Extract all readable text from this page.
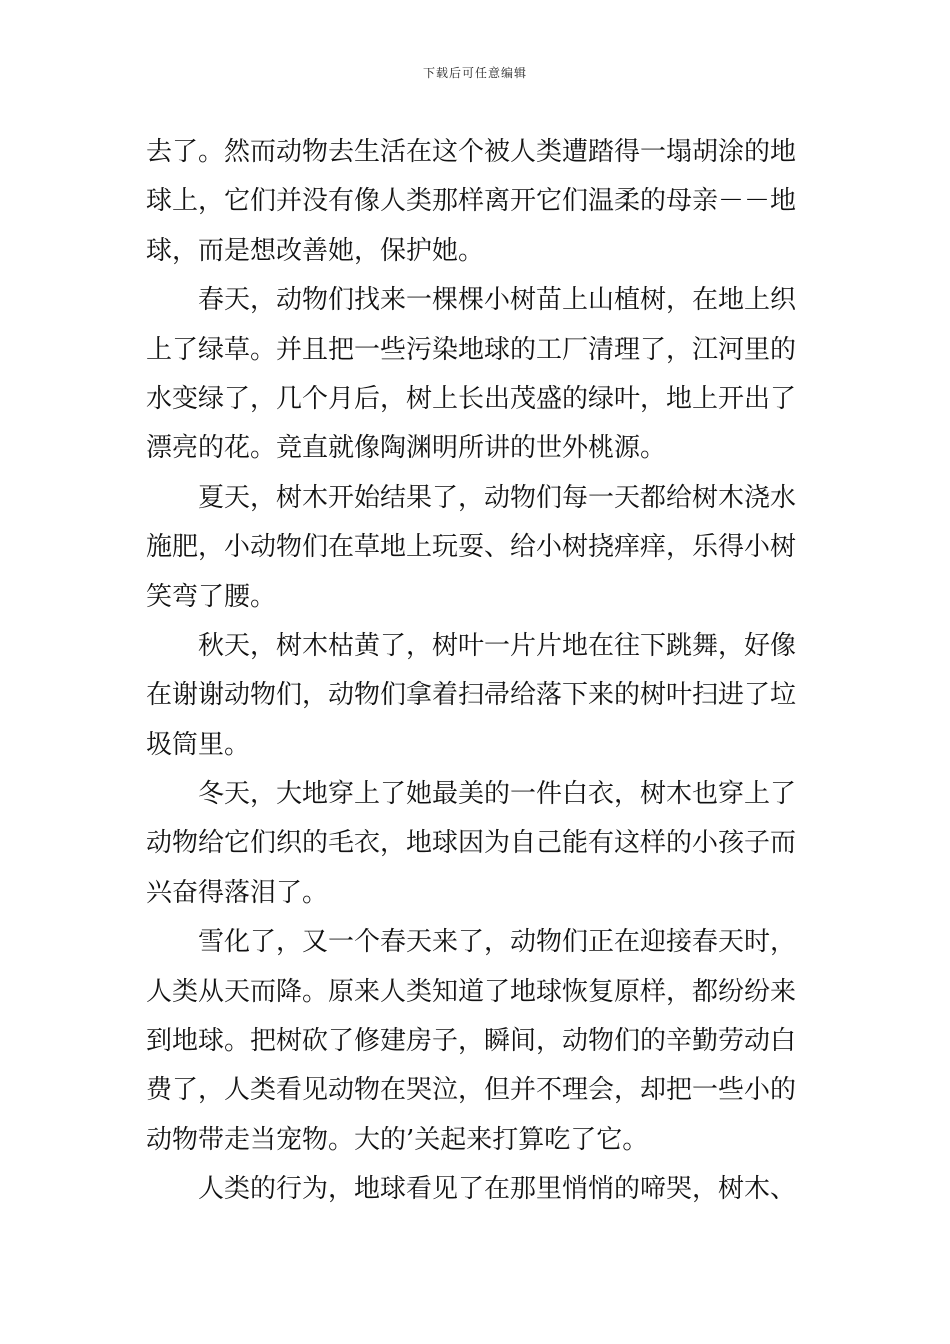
下载后可任意编辑
去了。然而动物去生活在这个被人类遭踏得一塌胡涂的地
球上，它们并没有像人类那样离开它们温柔的母亲－－地
球，而是想改善她，保护她。
春天，动物们找来一棵棵小树苗上山植树，在地上织
上了绿草。并且把一些污染地球的工厂清理了，江河里的
水变绿了，几个月后，树上长出茂盛的绿叶，地上开出了
漂亮的花。竞直就像陶渊明所讲的世外桃源。
夏天，树木开始结果了，动物们每一天都给树木浇水
施肥，小动物们在草地上玩耍、给小树挠痒痒，乐得小树
笑弯了腰。
秋天，树木枯黄了，树叶一片片地在往下跳舞，好像
在谢谢动物们，动物们拿着扫帚给落下来的树叶扫进了垃
圾筒里。
冬天，大地穿上了她最美的一件白衣，树木也穿上了
动物给它们织的毛衣，地球因为自己能有这样的小孩子而
兴奋得落泪了。
雪化了，又一个春天来了，动物们正在迎接春天时，
人类从天而降。原来人类知道了地球恢复原样，都纷纷来
到地球。把树砍了修建房子，瞬间，动物们的辛勤劳动白
费了，人类看见动物在哭泣，但并不理会，却把一些小的
动物带走当宠物。大的’关起来打算吃了它。
人类的行为，地球看见了在那里悄悄的啼哭，树木、
